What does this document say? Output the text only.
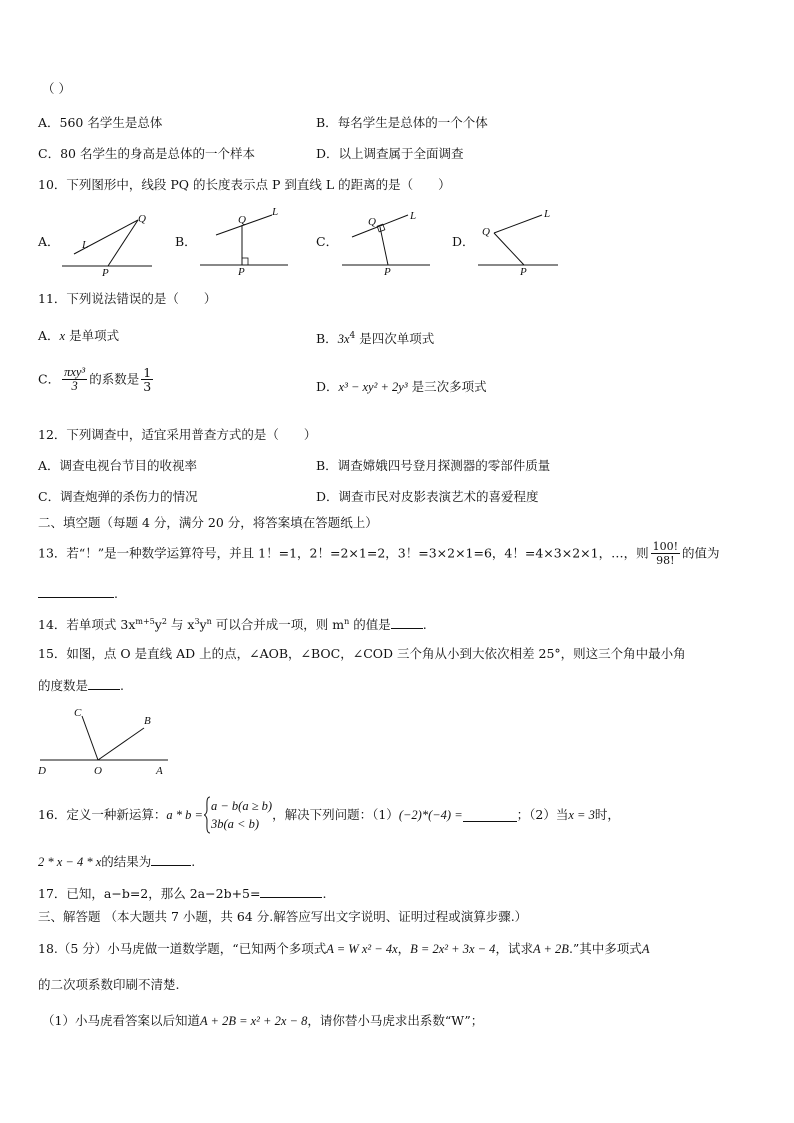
（ ）
A．560 名学生是总体	B．每名学生是总体的一个个体
C．80 名学生的身高是总体的一个样本	D．以上调查属于全面调查
10．下列图形中，线段 PQ 的长度表示点 P 到直线 L 的距离的是（　　）
A．
Q
L
P
B．
Q
L
P
C．
Q	L
P
D．
Q
L
P
11．下列说法错误的是（　　）
A．x 是单项式	B．$3x^4$ 是四次单项式
C． $\frac{\text{πxy³}}{3}$ 的系数是 $\frac{1}{3}$	D．x³ − xy² + 2y³ 是三次多项式
12．下列调查中，适宜采用普查方式的是（　　）
A．调查电视台节目的收视率	B．调查嫦娥四号登月探测器的零部件质量
C．调查炮弹的杀伤力的情况	D．调查市民对皮影表演艺术的喜爱程度
二、填空题（每题 4 分，满分 20 分，将答案填在答题纸上）
13．若“！”是一种数学运算符号，并且 1！=1，2！=2×1=2，3！=3×2×1=6，4！=4×3×2×1，…，则 $\frac{100!}{98!}$ 的值为
.
14．若单项式 $3x^{m+5}y^2$ 与 $x^3y^n$ 可以合并成一项，则 $m^n$ 的值是	.
15．如图，点 O 是直线 AD 上的点，∠AOB，∠BOC，∠COD 三个角从小到大依次相差 25°，则这三个角中最小角
的度数是	.
C
B
D	O	A
16．定义一种新运算：a * b =
a − b(a ≥ b)
3b(a < b)
，解决下列问题：（1）(−2)*(−4) =	；（2）当x = 3时，
2 * x − 4 * x的结果为	.
17．已知，a−b=2，那么 2a−2b+5=	.
三、解答题 （本大题共 7 小题，共 64 分.解答应写出文字说明、证明过程或演算步骤.）
18.（5 分）小马虎做一道数学题，“已知两个多项式A = W x² − 4x，B = 2x² + 3x − 4，试求A + 2B.”其中多项式A
的二次项系数印刷不清楚.
（1）小马虎看答案以后知道A + 2B = x² + 2x − 8，请你替小马虎求出系数“W”；
